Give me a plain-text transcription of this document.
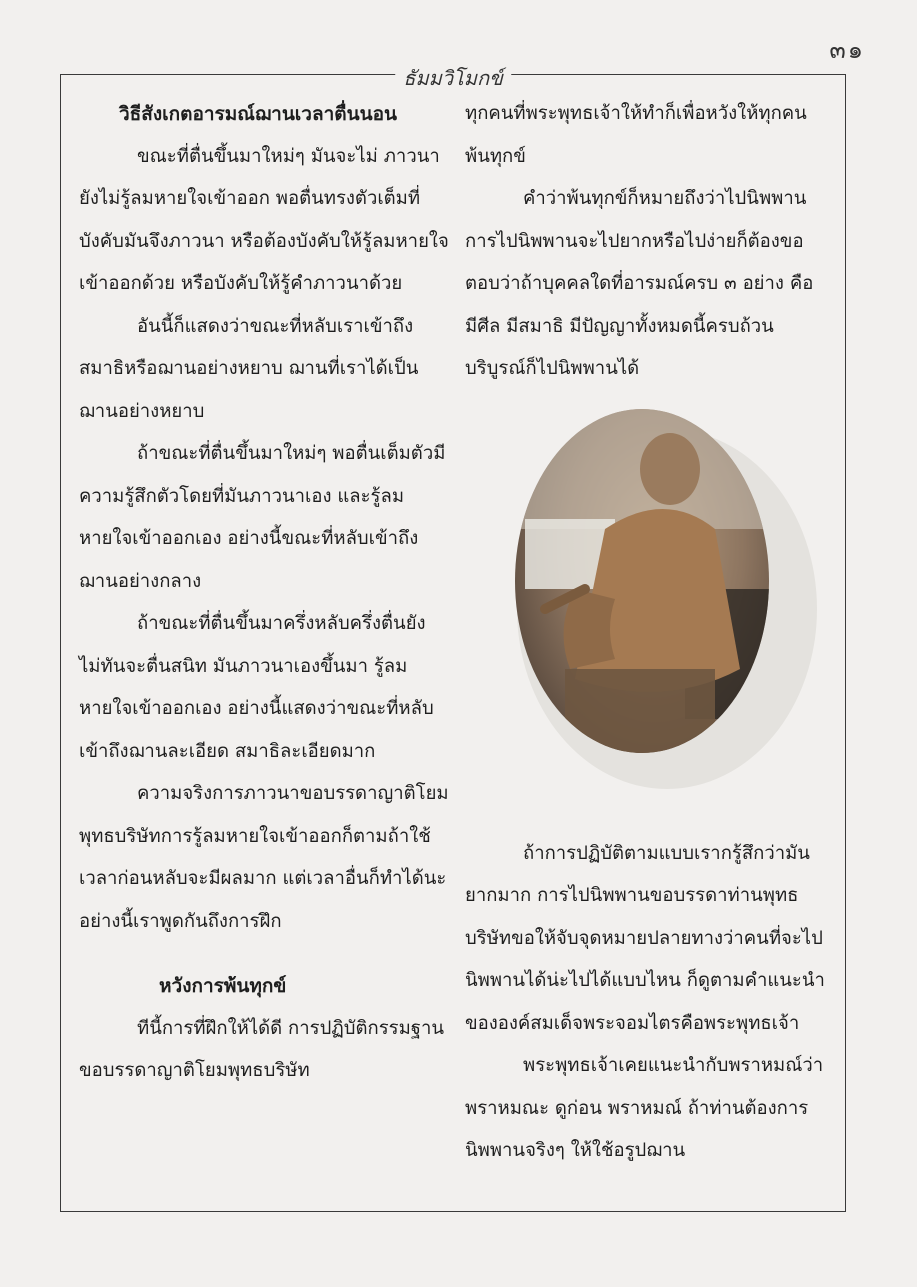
๓๑
ธัมมวิโมกข์

วิธีสังเกตอารมณ์ฌานเวลาตื่นนอน

ขณะที่ตื่นขึ้นมาใหม่ๆ มันจะไม่ ภาวนา ยังไม่รู้ลมหายใจเข้าออก พอตื่นทรงตัวเต็มที่ บังคับมันจึงภาวนา หรือต้องบังคับให้รู้ลมหายใจเข้าออกด้วย หรือบังคับให้รู้คำภาวนาด้วย

อันนี้ก็แสดงว่าขณะที่หลับเราเข้าถึงสมาธิหรือฌานอย่างหยาบ ฌานที่เราได้เป็นฌานอย่างหยาบ

ถ้าขณะที่ตื่นขึ้นมาใหม่ๆ พอตื่นเต็มตัวมีความรู้สึกตัวโดยที่มันภาวนาเอง และรู้ลมหายใจเข้าออกเอง อย่างนี้ขณะที่หลับเข้าถึงฌานอย่างกลาง

ถ้าขณะที่ตื่นขึ้นมาครึ่งหลับครึ่งตื่นยังไม่ทันจะตื่นสนิท มันภาวนาเองขึ้นมา รู้ลมหายใจเข้าออกเอง อย่างนี้แสดงว่าขณะที่หลับเข้าถึงฌานละเอียด สมาธิละเอียดมาก

ความจริงการภาวนาขอบรรดาญาติโยมพุทธบริษัทการรู้ลมหายใจเข้าออกก็ตามถ้าใช้เวลาก่อนหลับจะมีผลมาก แต่เวลาอื่นก็ทำได้นะ อย่างนี้เราพูดกันถึงการฝึก

หวังการพ้นทุกข์

ทีนี้การที่ฝึกให้ได้ดี การปฏิบัติกรรมฐานขอบรรดาญาติโยมพุทธบริษัท

ทุกคนที่พระพุทธเจ้าให้ทำก็เพื่อหวังให้ทุกคนพ้นทุกข์

คำว่าพ้นทุกข์ก็หมายถึงว่าไปนิพพาน การไปนิพพานจะไปยากหรือไปง่ายก็ต้องขอตอบว่าถ้าบุคคลใดที่อารมณ์ครบ ๓ อย่าง คือมีศีล มีสมาธิ มีปัญญาทั้งหมดนี้ครบถ้วนบริบูรณ์ก็ไปนิพพานได้

ถ้าการปฏิบัติตามแบบเรากรู้สึกว่ามันยากมาก การไปนิพพานขอบรรดาท่านพุทธบริษัทขอให้จับจุดหมายปลายทางว่าคนที่จะไปนิพพานได้น่ะไปได้แบบไหน ก็ดูตามคำแนะนำขององค์สมเด็จพระจอมไตรคือพระพุทธเจ้า

พระพุทธเจ้าเคยแนะนำกับพราหมณ์ว่า พราหมณะ ดูก่อน พราหมณ์ ถ้าท่านต้องการนิพพานจริงๆ ให้ใช้อรูปฌาน
